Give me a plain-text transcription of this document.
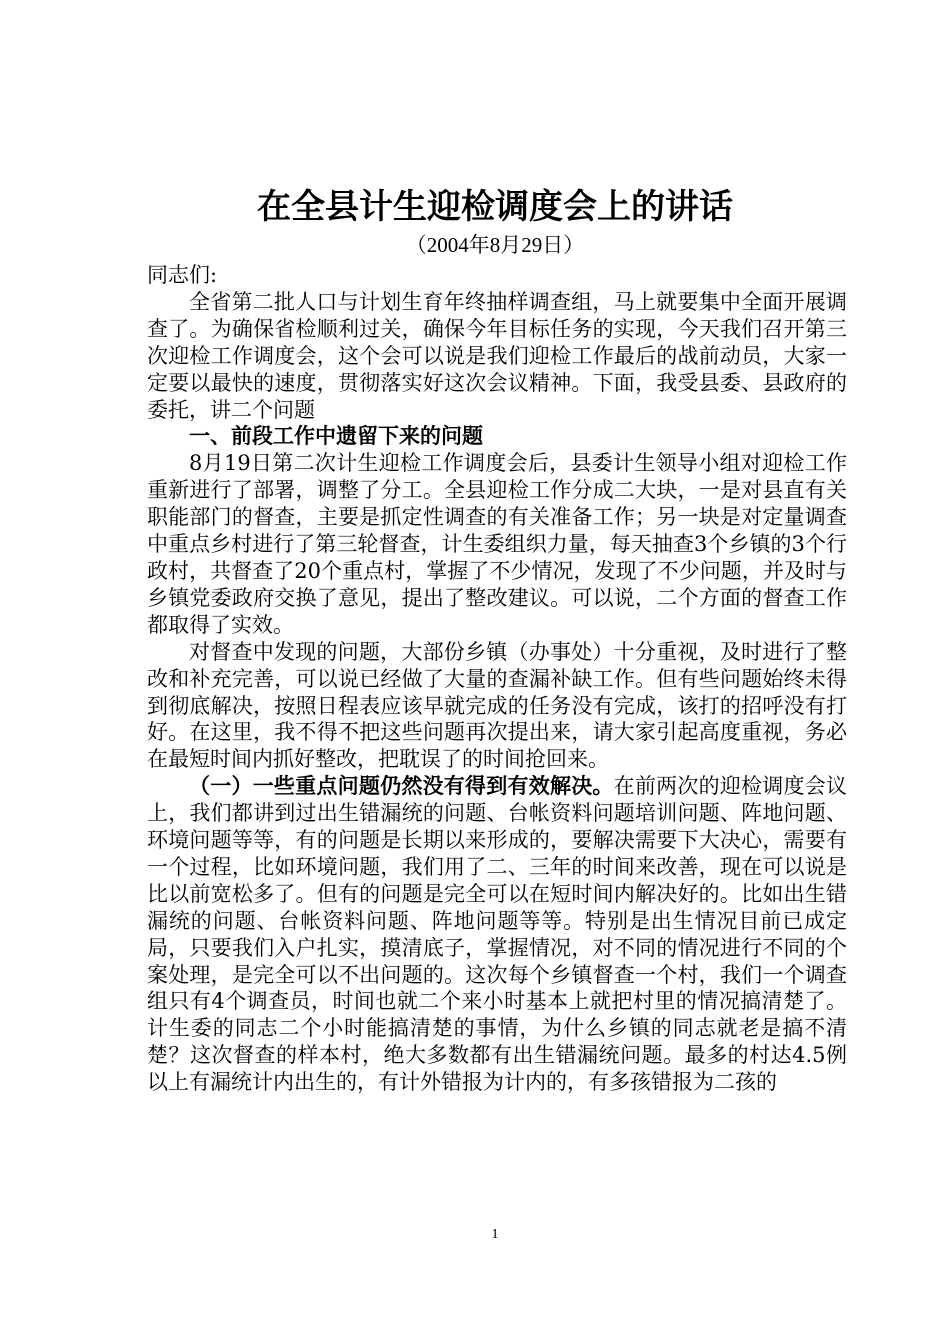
在全县计生迎检调度会上的讲话
（2004年8月29日）

同志们:

全省第二批人口与计划生育年终抽样调查组，马上就要集中全面开展调查了。为确保省检顺利过关，确保今年目标任务的实现，今天我们召开第三次迎检工作调度会，这个会可以说是我们迎检工作最后的战前动员，大家一定要以最快的速度，贯彻落实好这次会议精神。下面，我受县委、县政府的委托，讲二个问题

一、前段工作中遗留下来的问题

8月19日第二次计生迎检工作调度会后，县委计生领导小组对迎检工作重新进行了部署，调整了分工。全县迎检工作分成二大块，一是对县直有关职能部门的督查，主要是抓定性调查的有关准备工作；另一块是对定量调查中重点乡村进行了第三轮督查，计生委组织力量，每天抽查3个乡镇的3个行政村，共督查了20个重点村，掌握了不少情况，发现了不少问题，并及时与乡镇党委政府交换了意见，提出了整改建议。可以说，二个方面的督查工作都取得了实效。

对督查中发现的问题，大部份乡镇（办事处）十分重视，及时进行了整改和补充完善，可以说已经做了大量的查漏补缺工作。但有些问题始终未得到彻底解决，按照日程表应该早就完成的任务没有完成，该打的招呼没有打好。在这里，我不得不把这些问题再次提出来，请大家引起高度重视，务必在最短时间内抓好整改，把耽误了的时间抢回来。

（一）一些重点问题仍然没有得到有效解决。在前两次的迎检调度会议上，我们都讲到过出生错漏统的问题、台帐资料问题培训问题、阵地问题、环境问题等等，有的问题是长期以来形成的，要解决需要下大决心，需要有一个过程，比如环境问题，我们用了二、三年的时间来改善，现在可以说是比以前宽松多了。但有的问题是完全可以在短时间内解决好的。比如出生错漏统的问题、台帐资料问题、阵地问题等等。特别是出生情况目前已成定局，只要我们入户扎实，摸清底子，掌握情况，对不同的情况进行不同的个案处理，是完全可以不出问题的。这次每个乡镇督查一个村，我们一个调查组只有4个调查员，时间也就二个来小时基本上就把村里的情况搞清楚了。计生委的同志二个小时能搞清楚的事情，为什么乡镇的同志就老是搞不清楚？这次督查的样本村，绝大多数都有出生错漏统问题。最多的村达4.5例以上有漏统计内出生的，有计外错报为计内的，有多孩错报为二孩的

1
